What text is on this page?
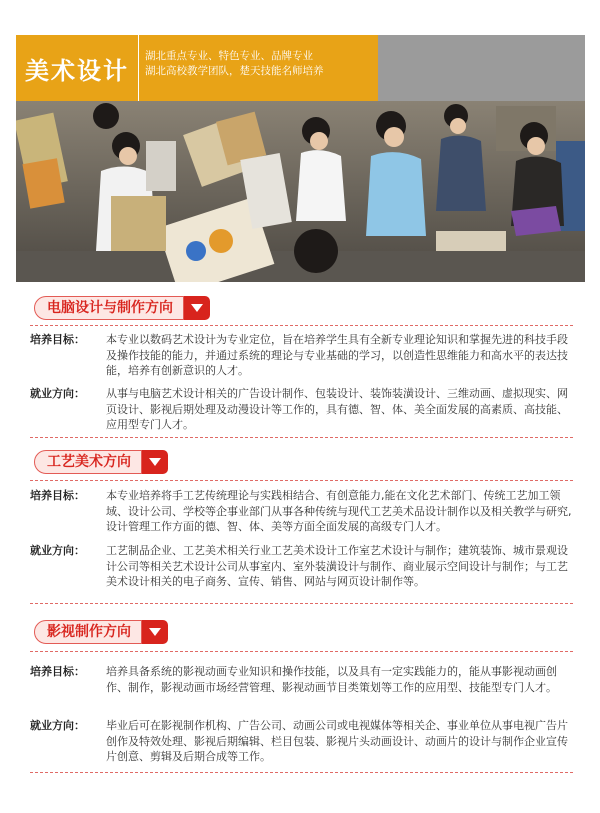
美术设计
湖北重点专业、特色专业、品牌专业
湖北高校教学团队，楚天技能名师培养
电脑设计与制作方向
培养目标：	本专业以数码艺术设计为专业定位，旨在培养学生具有全新专业理论知识和掌握先进的科技手段及操作技能的能力，并通过系统的理论与专业基础的学习，以创造性思维能力和高水平的表达技能，培养有创新意识的人才。
就业方向：	从事与电脑艺术设计相关的广告设计制作、包装设计、装饰装潢设计、三维动画、虚拟现实、网页设计、影视后期处理及动漫设计等工作的，具有德、智、体、美全面发展的高素质、高技能、应用型专门人才。
工艺美术方向
培养目标：	本专业培养将手工艺传统理论与实践相结合、有创意能力,能在文化艺术部门、传统工艺加工领域、设计公司、学校等企事业部门从事各种传统与现代工艺美术品设计制作以及相关教学与研究,设计管理工作方面的德、智、体、美等方面全面发展的高级专门人才。
就业方向：	工艺制品企业、工艺美术相关行业工艺美术设计工作室艺术设计与制作；建筑装饰、城市景观设计公司等相关艺术设计公司从事室内、室外装潢设计与制作、商业展示空间设计与制作；与工艺美术设计相关的电子商务、宣传、销售、网站与网页设计制作等。
影视制作方向
培养目标：	培养具备系统的影视动画专业知识和操作技能，以及具有一定实践能力的，能从事影视动画创作、制作，影视动画市场经营管理、影视动画节目类策划等工作的应用型、技能型专门人才。
就业方向：	毕业后可在影视制作机构、广告公司、动画公司或电视媒体等相关企、事业单位从事电视广告片创作及特效处理、影视后期编辑、栏目包装、影视片头动画设计、动画片的设计与制作企业宣传片创意、剪辑及后期合成等工作。
